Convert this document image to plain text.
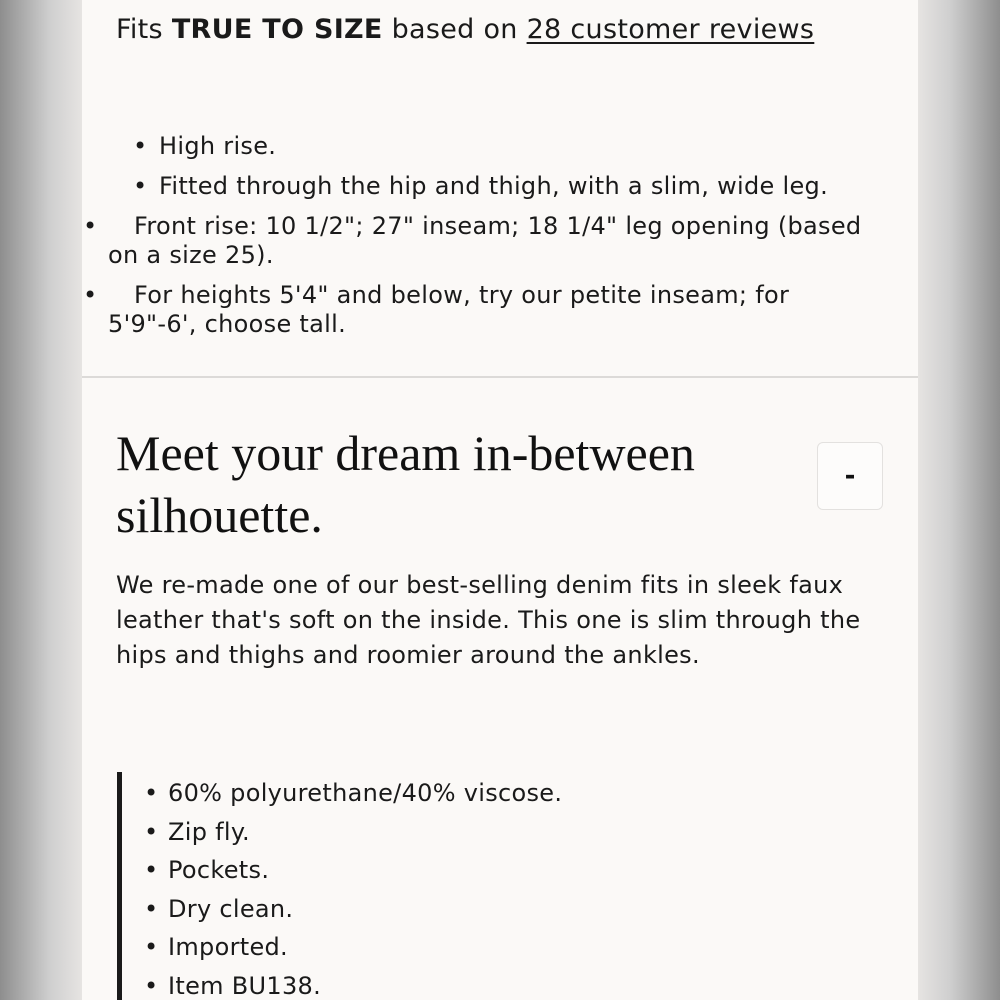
Fits TRUE TO SIZE based on 28 customer reviews
• High rise.
• Fitted through the hip and thigh, with a slim, wide leg.
• Front rise: 10 1/2"; 27" inseam; 18 1/4" leg opening (based on a size 25).
• For heights 5'4" and below, try our petite inseam; for 5'9"-6', choose tall.
Meet your dream in-between silhouette.
-

We re-made one of our best-selling denim fits in sleek faux leather that's soft on the inside. This one is slim through the hips and thighs and roomier around the ankles.

• 60% polyurethane/40% viscose.
• Zip fly.
• Pockets.
• Dry clean.
• Imported.
• Item BU138.
